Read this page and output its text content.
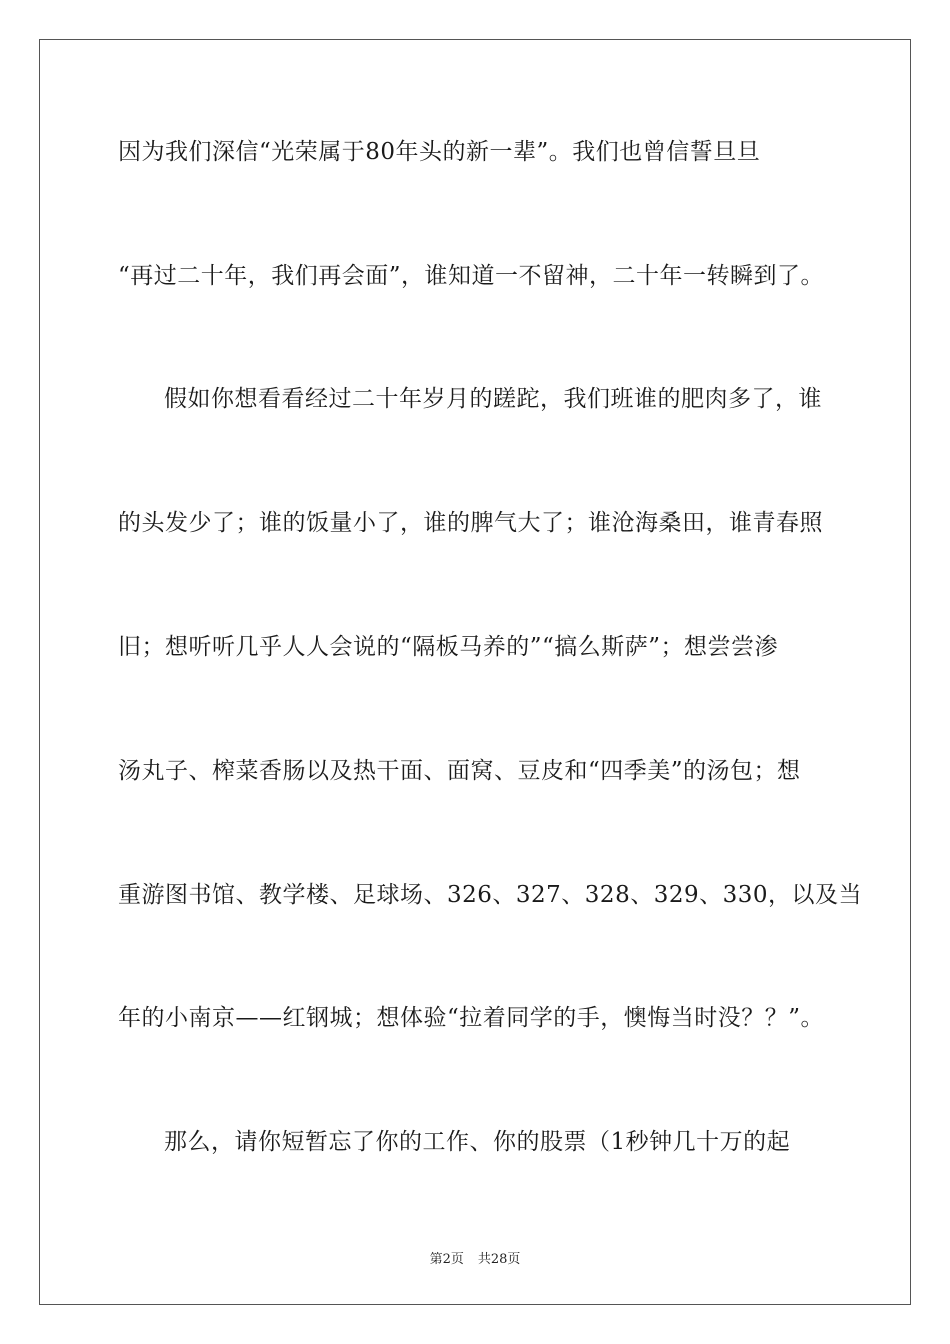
因为我们深信“光荣属于80年头的新一辈”。我们也曾信誓旦旦
“再过二十年，我们再会面”，谁知道一不留神，二十年一转瞬到了。
假如你想看看经过二十年岁月的蹉跎，我们班谁的肥肉多了，谁
的头发少了；谁的饭量小了，谁的脾气大了；谁沧海桑田，谁青春照
旧；想听听几乎人人会说的“隔板马养的”“搞么斯萨”；想尝尝渗
汤丸子、榨菜香肠以及热干面、面窝、豆皮和“四季美”的汤包；想
重游图书馆、教学楼、足球场、326、327、328、329、330，以及当
年的小南京——红钢城；想体验“拉着同学的手，懊悔当时没？？”。
那么，请你短暂忘了你的工作、你的股票（1秒钟几十万的起
第2页 共28页
